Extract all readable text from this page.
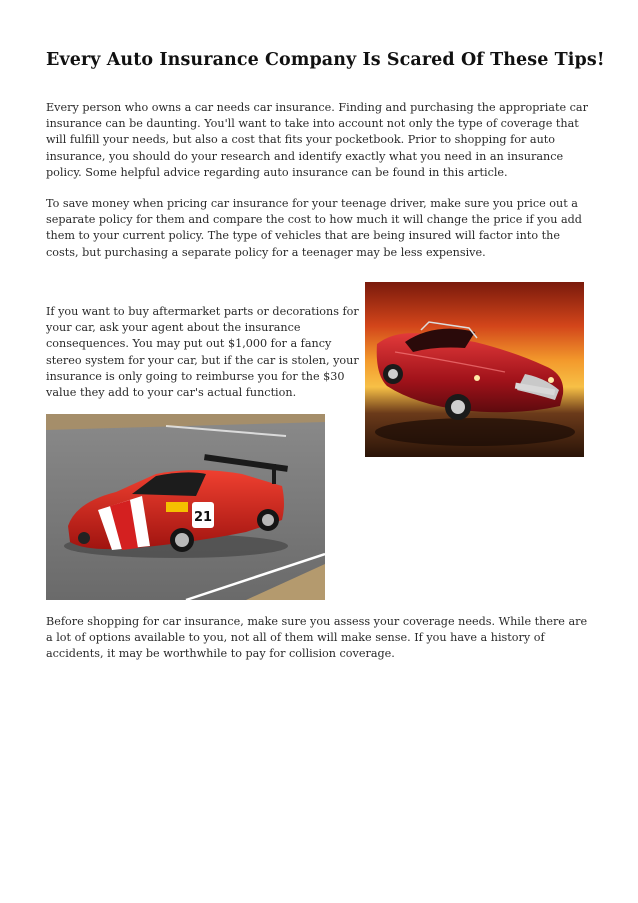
Every Auto Insurance Company Is Scared Of These Tips!

Every person who owns a car needs car insurance. Finding and purchasing the appropriate car insurance can be daunting. You'll want to take into account not only the type of coverage that will fulfill your needs, but also a cost that fits your pocketbook. Prior to shopping for auto insurance, you should do your research and identify exactly what you need in an insurance policy. Some helpful advice regarding auto insurance can be found in this article.

To save money when pricing car insurance for your teenage driver, make sure you price out a separate policy for them and compare the cost to how much it will change the price if you add them to your current policy. The type of vehicles that are being insured will factor into the costs, but purchasing a separate policy for a teenager may be less expensive.

If you want to buy aftermarket parts or decorations for your car, ask your agent about the insurance consequences. You may put out $1,000 for a fancy stereo system for your car, but if the car is stolen, your insurance is only going to reimburse you for the $30 value they add to your car's actual function.

21

Before shopping for car insurance, make sure you assess your coverage needs. While there are a lot of options available to you, not all of them will make sense. If you have a history of accidents, it may be worthwhile to pay for collision coverage.
